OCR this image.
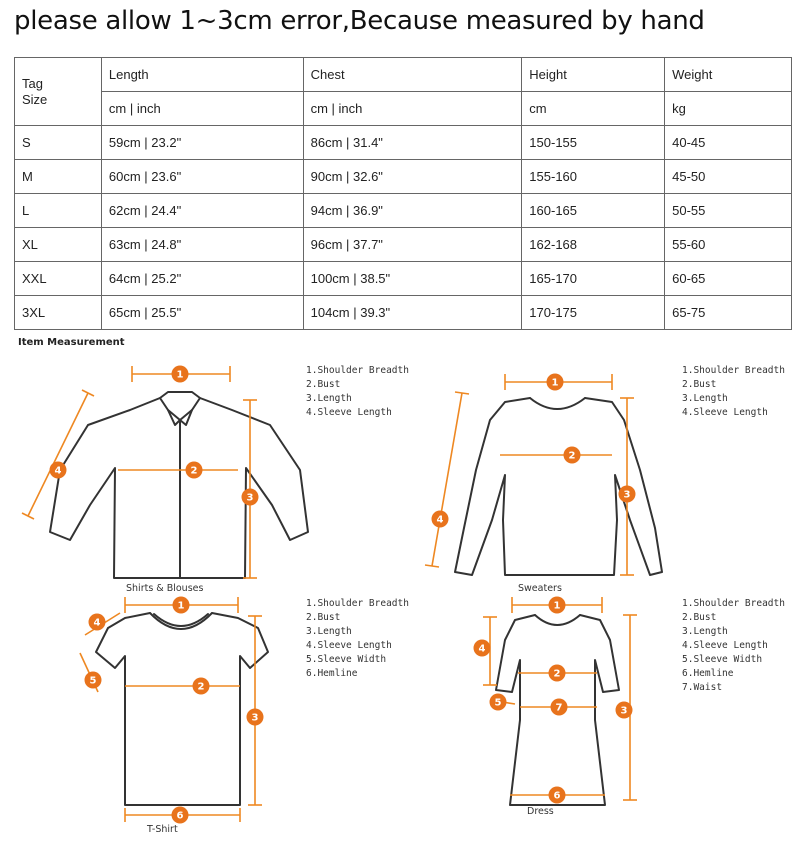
please allow 1~3cm error,Because measured by hand
Tag
Size	Length	Chest	Height	Weight
	cm | inch	cm | inch	cm	kg
S	59cm | 23.2"	86cm | 31.4"	150-155	40-45
M	60cm | 23.6"	90cm | 32.6"	155-160	45-50
L	62cm | 24.4"	94cm | 36.9"	160-165	50-55
XL	63cm | 24.8"	96cm | 37.7"	162-168	55-60
XXL	64cm | 25.2"	100cm | 38.5"	165-170	60-65
3XL	65cm | 25.5"	104cm | 39.3"	170-175	65-75
Item Measurement
1
2
3
4
1
2
3
4
1
2
3
4
5
6
1
2
3
4
5
6
7
1.Shoulder Breadth
2.Bust
3.Length
4.Sleeve Length
1.Shoulder Breadth
2.Bust
3.Length
4.Sleeve Length
1.Shoulder Breadth
2.Bust
3.Length
4.Sleeve Length
5.Sleeve Width
6.Hemline
1.Shoulder Breadth
2.Bust
3.Length
4.Sleeve Length
5.Sleeve Width
6.Hemline
7.Waist
Shirts & Blouses	Sweaters
T-Shirt
Dress
